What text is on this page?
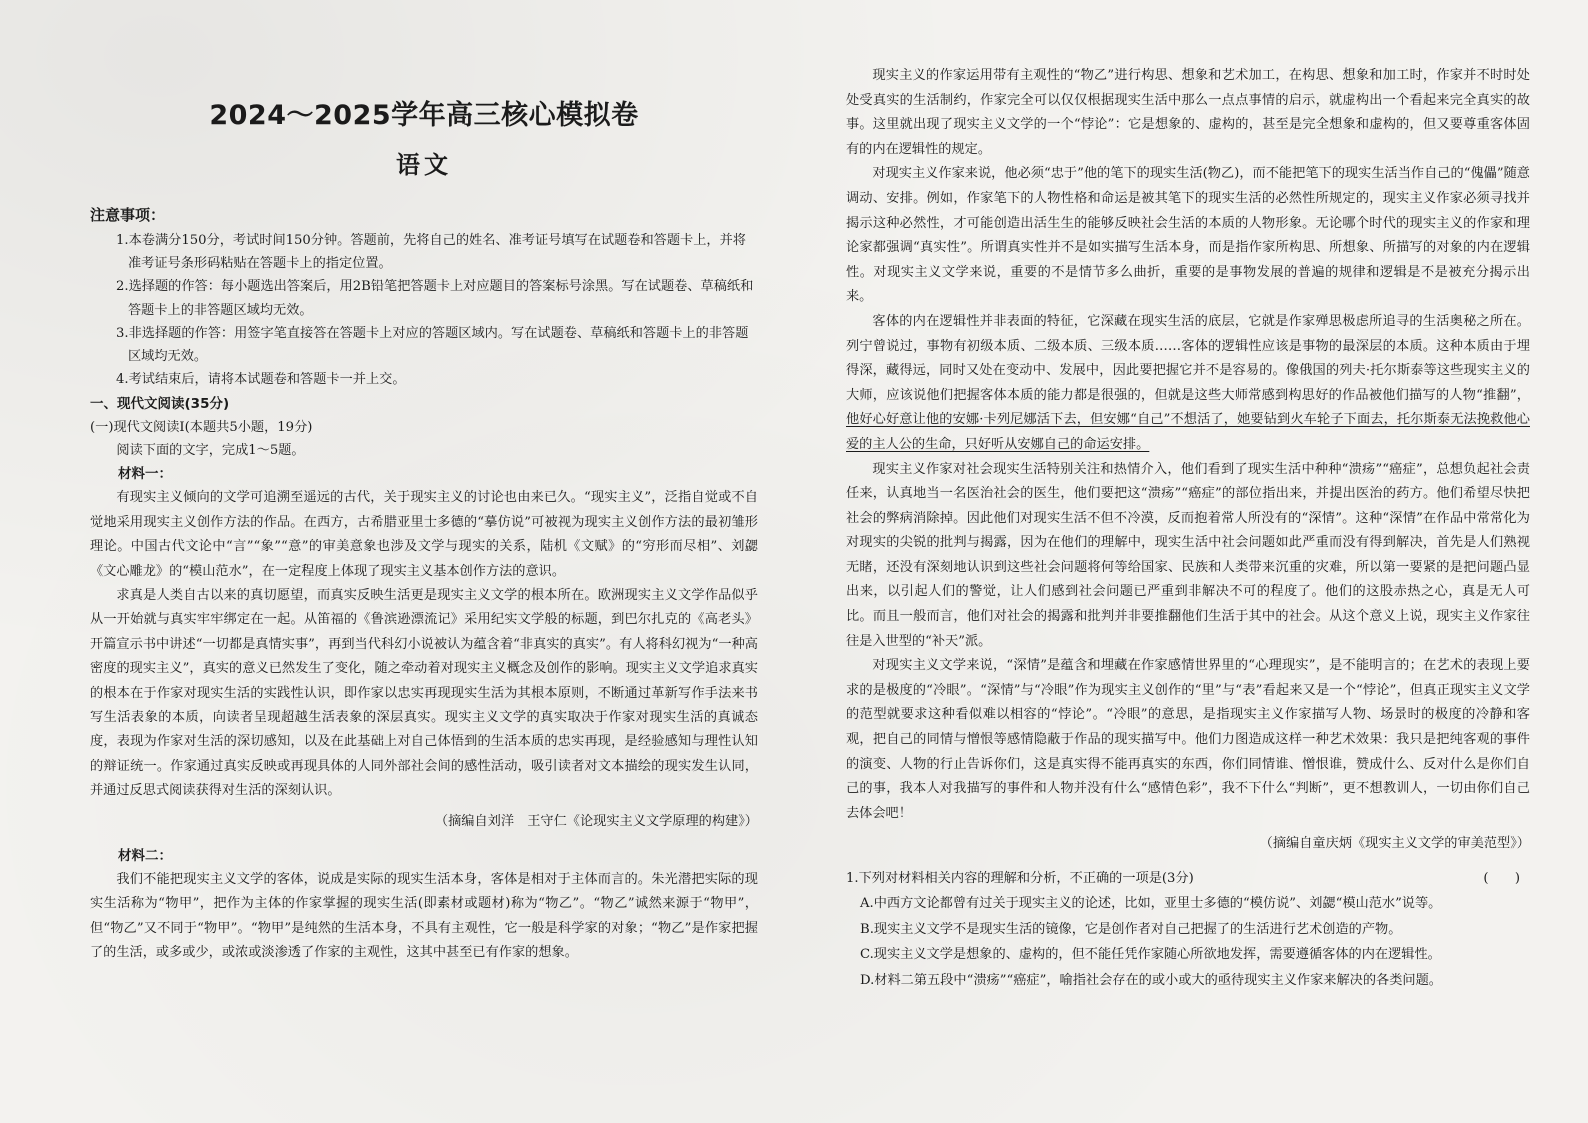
2024～2025学年高三核心模拟卷
语文

注意事项：

1.本卷满分150分，考试时间150分钟。答题前，先将自己的姓名、准考证号填写在试题卷和答题卡上，并将准考证号条形码粘贴在答题卡上的指定位置。
2.选择题的作答：每小题选出答案后，用2B铅笔把答题卡上对应题目的答案标号涂黑。写在试题卷、草稿纸和答题卡上的非答题区域均无效。
3.非选择题的作答：用签字笔直接答在答题卡上对应的答题区域内。写在试题卷、草稿纸和答题卡上的非答题区域均无效。
4.考试结束后，请将本试题卷和答题卡一并上交。

一、现代文阅读(35分)

(一)现代文阅读Ⅰ(本题共5小题，19分)

阅读下面的文字，完成1～5题。

材料一：

有现实主义倾向的文学可追溯至遥远的古代，关于现实主义的讨论也由来已久。“现实主义”，泛指自觉或不自觉地采用现实主义创作方法的作品。在西方，古希腊亚里士多德的“摹仿说”可被视为现实主义创作方法的最初雏形理论。中国古代文论中“言”“象”“意”的审美意象也涉及文学与现实的关系，陆机《文赋》的“穷形而尽相”、刘勰《文心雕龙》的“模山范水”，在一定程度上体现了现实主义基本创作方法的意识。

求真是人类自古以来的真切愿望，而真实反映生活更是现实主义文学的根本所在。欧洲现实主义文学作品似乎从一开始就与真实牢牢绑定在一起。从笛福的《鲁滨逊漂流记》采用纪实文学般的标题，到巴尔扎克的《高老头》开篇宣示书中讲述“一切都是真情实事”，再到当代科幻小说被认为蕴含着“非真实的真实”。有人将科幻视为“一种高密度的现实主义”，真实的意义已然发生了变化，随之牵动着对现实主义概念及创作的影响。现实主义文学追求真实的根本在于作家对现实生活的实践性认识，即作家以忠实再现现实生活为其根本原则，不断通过革新写作手法来书写生活表象的本质，向读者呈现超越生活表象的深层真实。现实主义文学的真实取决于作家对现实生活的真诚态度，表现为作家对生活的深切感知，以及在此基础上对自己体悟到的生活本质的忠实再现，是经验感知与理性认知的辩证统一。作家通过真实反映或再现具体的人同外部社会间的感性活动，吸引读者对文本描绘的现实发生认同，并通过反思式阅读获得对生活的深刻认识。

（摘编自刘洋　王守仁《论现实主义文学原理的构建》）

材料二：

我们不能把现实主义文学的客体，说成是实际的现实生活本身，客体是相对于主体而言的。朱光潜把实际的现实生活称为“物甲”，把作为主体的作家掌握的现实生活(即素材或题材)称为“物乙”。“物乙”诚然来源于“物甲”，但“物乙”又不同于“物甲”。“物甲”是纯然的生活本身，不具有主观性，它一般是科学家的对象；“物乙”是作家把握了的生活，或多或少，或浓或淡渗透了作家的主观性，这其中甚至已有作家的想象。

现实主义的作家运用带有主观性的“物乙”进行构思、想象和艺术加工，在构思、想象和加工时，作家并不时时处处受真实的生活制约，作家完全可以仅仅根据现实生活中那么一点点事情的启示，就虚构出一个看起来完全真实的故事。这里就出现了现实主义文学的一个“悖论”：它是想象的、虚构的，甚至是完全想象和虚构的，但又要尊重客体固有的内在逻辑性的规定。

对现实主义作家来说，他必须“忠于”他的笔下的现实生活(物乙)，而不能把笔下的现实生活当作自己的“傀儡”随意调动、安排。例如，作家笔下的人物性格和命运是被其笔下的现实生活的必然性所规定的，现实主义作家必须寻找并揭示这种必然性，才可能创造出活生生的能够反映社会生活的本质的人物形象。无论哪个时代的现实主义的作家和理论家都强调“真实性”。所谓真实性并不是如实描写生活本身，而是指作家所构思、所想象、所描写的对象的内在逻辑性。对现实主义文学来说，重要的不是情节多么曲折，重要的是事物发展的普遍的规律和逻辑是不是被充分揭示出来。

客体的内在逻辑性并非表面的特征，它深藏在现实生活的底层，它就是作家殚思极虑所追寻的生活奥秘之所在。列宁曾说过，事物有初级本质、二级本质、三级本质……客体的逻辑性应该是事物的最深层的本质。这种本质由于埋得深，藏得远，同时又处在变动中、发展中，因此要把握它并不是容易的。像俄国的列夫·托尔斯泰等这些现实主义的大师，应该说他们把握客体本质的能力都是很强的，但就是这些大师常感到构思好的作品被他们描写的人物“推翻”，他好心好意让他的安娜·卡列尼娜活下去，但安娜“自己”不想活了，她要钻到火车轮子下面去，托尔斯泰无法挽救他心爱的主人公的生命，只好听从安娜自己的命运安排。

现实主义作家对社会现实生活特别关注和热情介入，他们看到了现实生活中种种“溃疡”“癌症”，总想负起社会责任来，认真地当一名医治社会的医生，他们要把这“溃疡”“癌症”的部位指出来，并提出医治的药方。他们希望尽快把社会的弊病消除掉。因此他们对现实生活不但不冷漠，反而抱着常人所没有的“深情”。这种“深情”在作品中常常化为对现实的尖锐的批判与揭露，因为在他们的理解中，现实生活中社会问题如此严重而没有得到解决，首先是人们熟视无睹，还没有深刻地认识到这些社会问题将何等给国家、民族和人类带来沉重的灾难，所以第一要紧的是把问题凸显出来，以引起人们的警觉，让人们感到社会问题已严重到非解决不可的程度了。他们的这股赤热之心，真是无人可比。而且一般而言，他们对社会的揭露和批判并非要推翻他们生活于其中的社会。从这个意义上说，现实主义作家往往是入世型的“补天”派。

对现实主义文学来说，“深情”是蕴含和埋藏在作家感情世界里的“心理现实”，是不能明言的；在艺术的表现上要求的是极度的“冷眼”。“深情”与“冷眼”作为现实主义创作的“里”与“表”看起来又是一个“悖论”，但真正现实主义文学的范型就要求这种看似难以相容的“悖论”。“冷眼”的意思，是指现实主义作家描写人物、场景时的极度的冷静和客观，把自己的同情与憎恨等感情隐蔽于作品的现实描写中。他们力图造成这样一种艺术效果：我只是把纯客观的事件的演变、人物的行止告诉你们，这是真实得不能再真实的东西，你们同情谁、憎恨谁，赞成什么、反对什么是你们自己的事，我本人对我描写的事件和人物并没有什么“感情色彩”，我不下什么“判断”，更不想教训人，一切由你们自己去体会吧！

（摘编自童庆炳《现实主义文学的审美范型》）

1.下列对材料相关内容的理解和分析，不正确的一项是(3分)	(　　)

A.中西方文论都曾有过关于现实主义的论述，比如，亚里士多德的“模仿说”、刘勰“模山范水”说等。

B.现实主义文学不是现实生活的镜像，它是创作者对自己把握了的生活进行艺术创造的产物。

C.现实主义文学是想象的、虚构的，但不能任凭作家随心所欲地发挥，需要遵循客体的内在逻辑性。

D.材料二第五段中“溃疡”“癌症”，喻指社会存在的或小或大的亟待现实主义作家来解决的各类问题。
